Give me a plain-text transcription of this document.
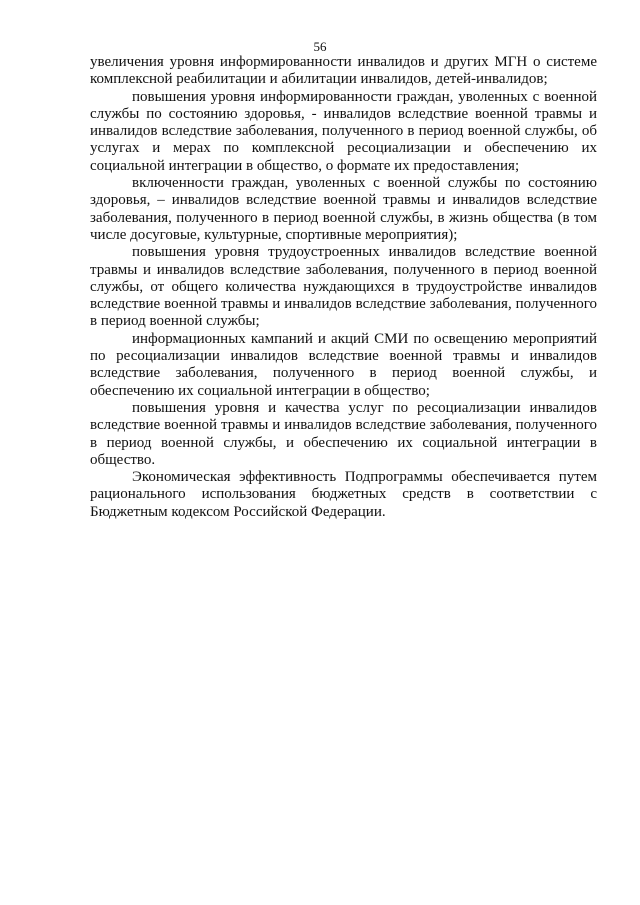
56

увеличения уровня информированности инвалидов и других МГН о системе комплексной реабилитации и абилитации инвалидов, детей-инвалидов;

повышения уровня информированности граждан, уволенных с военной службы по состоянию здоровья, - инвалидов вследствие военной травмы и инвалидов вследствие заболевания, полученного в период военной службы, об услугах и мерах по комплексной ресоциализации и обеспечению их социальной интеграции в общество, о формате их предоставления;

включенности граждан, уволенных с военной службы по состоянию здоровья, – инвалидов вследствие военной травмы и инвалидов вследствие заболевания, полученного в период военной службы, в жизнь общества (в том числе досуговые, культурные, спортивные мероприятия);

повышения уровня трудоустроенных инвалидов вследствие военной травмы и инвалидов вследствие заболевания, полученного в период военной службы, от общего количества нуждающихся в трудоустройстве инвалидов вследствие военной травмы и инвалидов вследствие заболевания, полученного в период военной службы;

информационных кампаний и акций СМИ по освещению мероприятий по ресоциализации инвалидов вследствие военной травмы и инвалидов вследствие заболевания, полученного в период военной службы, и обеспечению их социальной интеграции в общество;

повышения уровня и качества услуг по ресоциализации инвалидов вследствие военной травмы и инвалидов вследствие заболевания, полученного в период военной службы, и обеспечению их социальной интеграции в общество.

Экономическая эффективность Подпрограммы обеспечивается путем рационального использования бюджетных средств в соответствии с Бюджетным кодексом Российской Федерации.
